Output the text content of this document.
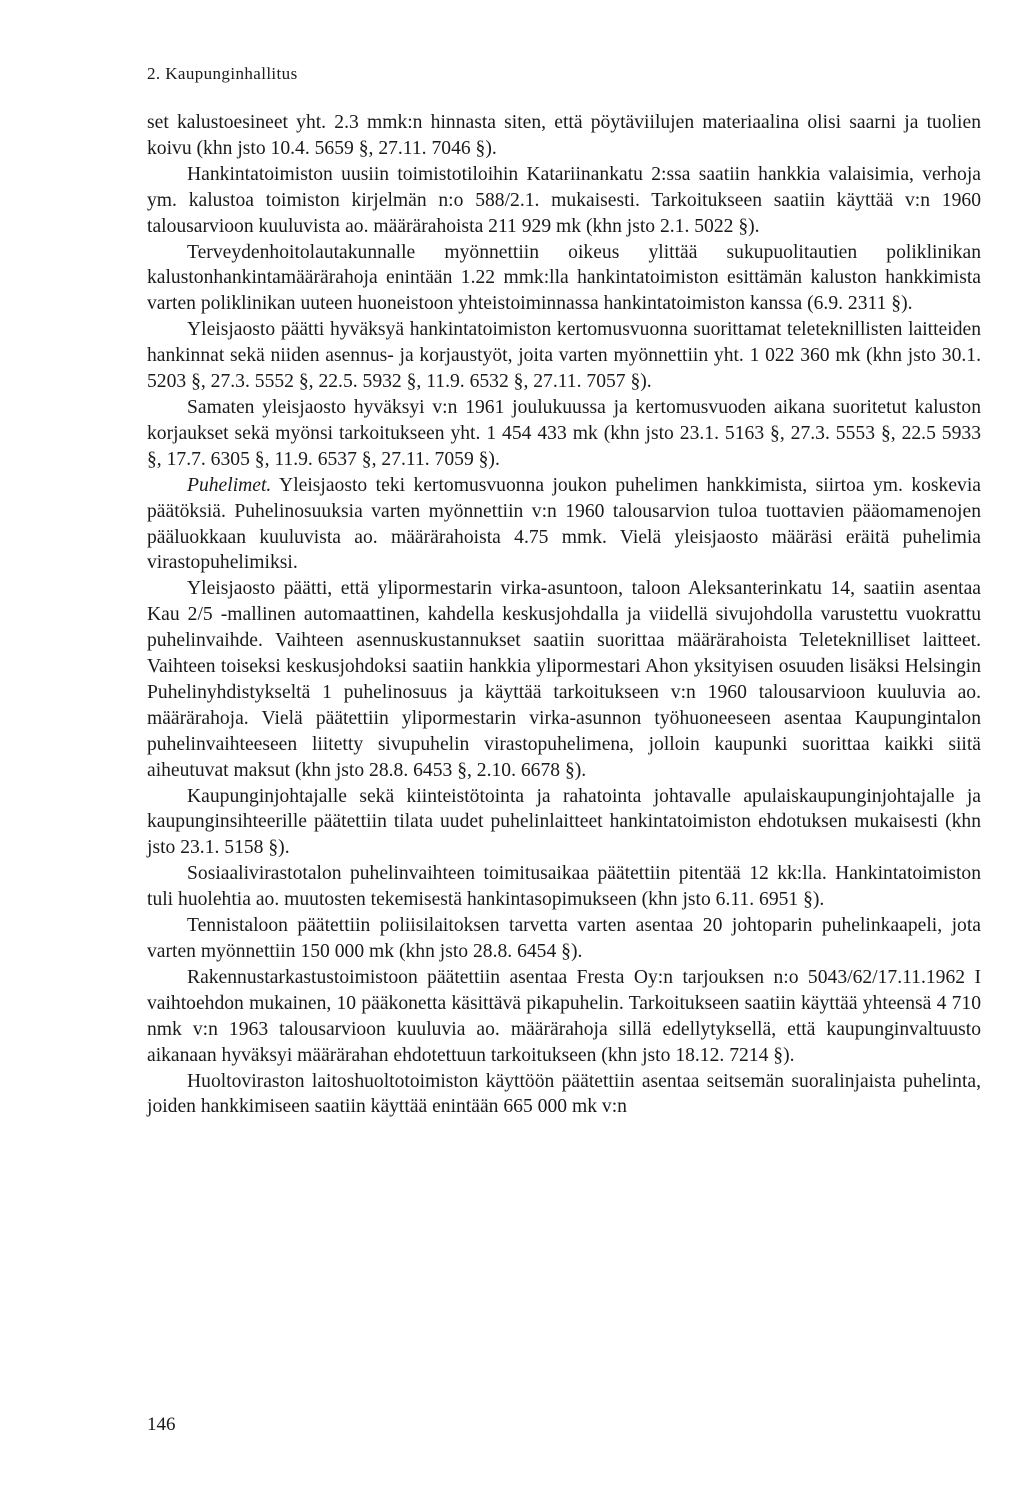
2. Kaupunginhallitus

set kalustoesineet yht. 2.3 mmk:n hinnasta siten, että pöytäviilujen materiaalina olisi saarni ja tuolien koivu (khn jsto 10.4. 5659 §, 27.11. 7046 §).

Hankintatoimiston uusiin toimistotiloihin Katariinankatu 2:ssa saatiin hankkia valaisimia, verhoja ym. kalustoa toimiston kirjelmän n:o 588/2.1. mukaisesti. Tarkoitukseen saatiin käyttää v:n 1960 talousarvioon kuuluvista ao. määrärahoista 211 929 mk (khn jsto 2.1. 5022 §).

Terveydenhoitolautakunnalle myönnettiin oikeus ylittää sukupuolitautien poliklinikan kalustonhankintamäärärahoja enintään 1.22 mmk:lla hankintatoimiston esittämän kaluston hankkimista varten poliklinikan uuteen huoneistoon yhteistoiminnassa hankintatoimiston kanssa (6.9. 2311 §).

Yleisjaosto päätti hyväksyä hankintatoimiston kertomusvuonna suorittamat teleteknillisten laitteiden hankinnat sekä niiden asennus- ja korjaustyöt, joita varten myönnettiin yht. 1 022 360 mk (khn jsto 30.1. 5203 §, 27.3. 5552 §, 22.5. 5932 §, 11.9. 6532 §, 27.11. 7057 §).

Samaten yleisjaosto hyväksyi v:n 1961 joulukuussa ja kertomusvuoden aikana suoritetut kaluston korjaukset sekä myönsi tarkoitukseen yht. 1 454 433 mk (khn jsto 23.1. 5163 §, 27.3. 5553 §, 22.5 5933 §, 17.7. 6305 §, 11.9. 6537 §, 27.11. 7059 §).

Puhelimet. Yleisjaosto teki kertomusvuonna joukon puhelimen hankkimista, siirtoa ym. koskevia päätöksiä. Puhelinosuuksia varten myönnettiin v:n 1960 talousarvion tuloa tuottavien pääomamenojen pääluokkaan kuuluvista ao. määrärahoista 4.75 mmk. Vielä yleisjaosto määräsi eräitä puhelimia virastopuhelimiksi.

Yleisjaosto päätti, että ylipormestarin virka-asuntoon, taloon Aleksanterinkatu 14, saatiin asentaa Kau 2/5 -mallinen automaattinen, kahdella keskusjohdalla ja viidellä sivujohdolla varustettu vuokrattu puhelinvaihde. Vaihteen asennuskustannukset saatiin suorittaa määrärahoista Teleteknilliset laitteet. Vaihteen toiseksi keskusjohdoksi saatiin hankkia ylipormestari Ahon yksityisen osuuden lisäksi Helsingin Puhelinyhdistykseltä 1 puhelinosuus ja käyttää tarkoitukseen v:n 1960 talousarvioon kuuluvia ao. määrärahoja. Vielä päätettiin ylipormestarin virka-asunnon työhuoneeseen asentaa Kaupungintalon puhelinvaihteeseen liitetty sivupuhelin virastopuhelimena, jolloin kaupunki suorittaa kaikki siitä aiheutuvat maksut (khn jsto 28.8. 6453 §, 2.10. 6678 §).

Kaupunginjohtajalle sekä kiinteistötointa ja rahatointa johtavalle apulaiskaupunginjohtajalle ja kaupunginsihteerille päätettiin tilata uudet puhelinlaitteet hankintatoimiston ehdotuksen mukaisesti (khn jsto 23.1. 5158 §).

Sosiaalivirastotalon puhelinvaihteen toimitusaikaa päätettiin pitentää 12 kk:lla. Hankintatoimiston tuli huolehtia ao. muutosten tekemisestä hankintasopimukseen (khn jsto 6.11. 6951 §).

Tennistaloon päätettiin poliisilaitoksen tarvetta varten asentaa 20 johtoparin puhelinkaapeli, jota varten myönnettiin 150 000 mk (khn jsto 28.8. 6454 §).

Rakennustarkastustoimistoon päätettiin asentaa Fresta Oy:n tarjouksen n:o 5043/62/17.11.1962 I vaihtoehdon mukainen, 10 pääkonetta käsittävä pikapuhelin. Tarkoitukseen saatiin käyttää yhteensä 4 710 nmk v:n 1963 talousarvioon kuuluvia ao. määrärahoja sillä edellytyksellä, että kaupunginvaltuusto aikanaan hyväksyi määrärahan ehdotettuun tarkoitukseen (khn jsto 18.12. 7214 §).

Huoltoviraston laitoshuoltotoimiston käyttöön päätettiin asentaa seitsemän suoralinjaista puhelinta, joiden hankkimiseen saatiin käyttää enintään 665 000 mk v:n

146
